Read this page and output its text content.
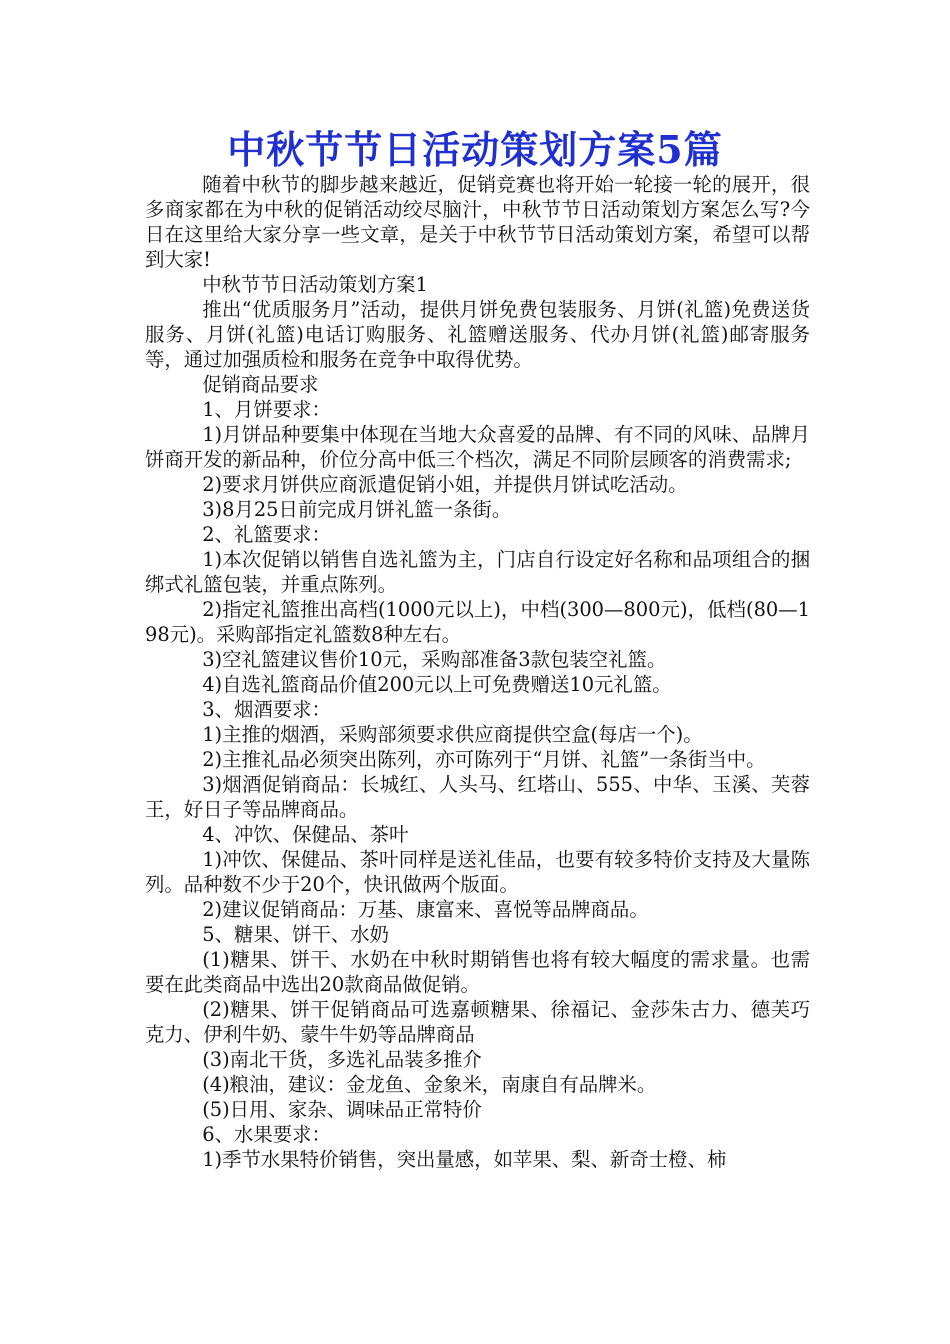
中秋节节日活动策划方案5篇

随着中秋节的脚步越来越近，促销竞赛也将开始一轮接一轮的展开，很多商家都在为中秋的促销活动绞尽脑汁，中秋节节日活动策划方案怎么写?今日在这里给大家分享一些文章，是关于中秋节节日活动策划方案，希望可以帮到大家!

中秋节节日活动策划方案1

推出“优质服务月”活动，提供月饼免费包装服务、月饼(礼篮)免费送货服务、月饼(礼篮)电话订购服务、礼篮赠送服务、代办月饼(礼篮)邮寄服务等，通过加强质检和服务在竞争中取得优势。

促销商品要求

1、月饼要求：

1)月饼品种要集中体现在当地大众喜爱的品牌、有不同的风味、品牌月饼商开发的新品种，价位分高中低三个档次，满足不同阶层顾客的消费需求;

2)要求月饼供应商派遣促销小姐，并提供月饼试吃活动。

3)8月25日前完成月饼礼篮一条街。

2、礼篮要求：

1)本次促销以销售自选礼篮为主，门店自行设定好名称和品项组合的捆绑式礼篮包装，并重点陈列。

2)指定礼篮推出高档(1000元以上)，中档(300—800元)，低档(80—198元)。采购部指定礼篮数8种左右。

3)空礼篮建议售价10元，采购部准备3款包装空礼篮。

4)自选礼篮商品价值200元以上可免费赠送10元礼篮。

3、烟酒要求：

1)主推的烟酒，采购部须要求供应商提供空盒(每店一个)。

2)主推礼品必须突出陈列，亦可陈列于“月饼、礼篮”一条街当中。

3)烟酒促销商品：长城红、人头马、红塔山、555、中华、玉溪、芙蓉王，好日子等品牌商品。

4、冲饮、保健品、茶叶

1)冲饮、保健品、茶叶同样是送礼佳品，也要有较多特价支持及大量陈列。品种数不少于20个，快讯做两个版面。

2)建议促销商品：万基、康富来、喜悦等品牌商品。

5、糖果、饼干、水奶

(1)糖果、饼干、水奶在中秋时期销售也将有较大幅度的需求量。也需要在此类商品中选出20款商品做促销。

(2)糖果、饼干促销商品可选嘉顿糖果、徐福记、金莎朱古力、德芙巧克力、伊利牛奶、蒙牛牛奶等品牌商品

(3)南北干货，多选礼品装多推介

(4)粮油，建议：金龙鱼、金象米，南康自有品牌米。

(5)日用、家杂、调味品正常特价

6、水果要求：

1)季节水果特价销售，突出量感，如苹果、梨、新奇士橙、柿
